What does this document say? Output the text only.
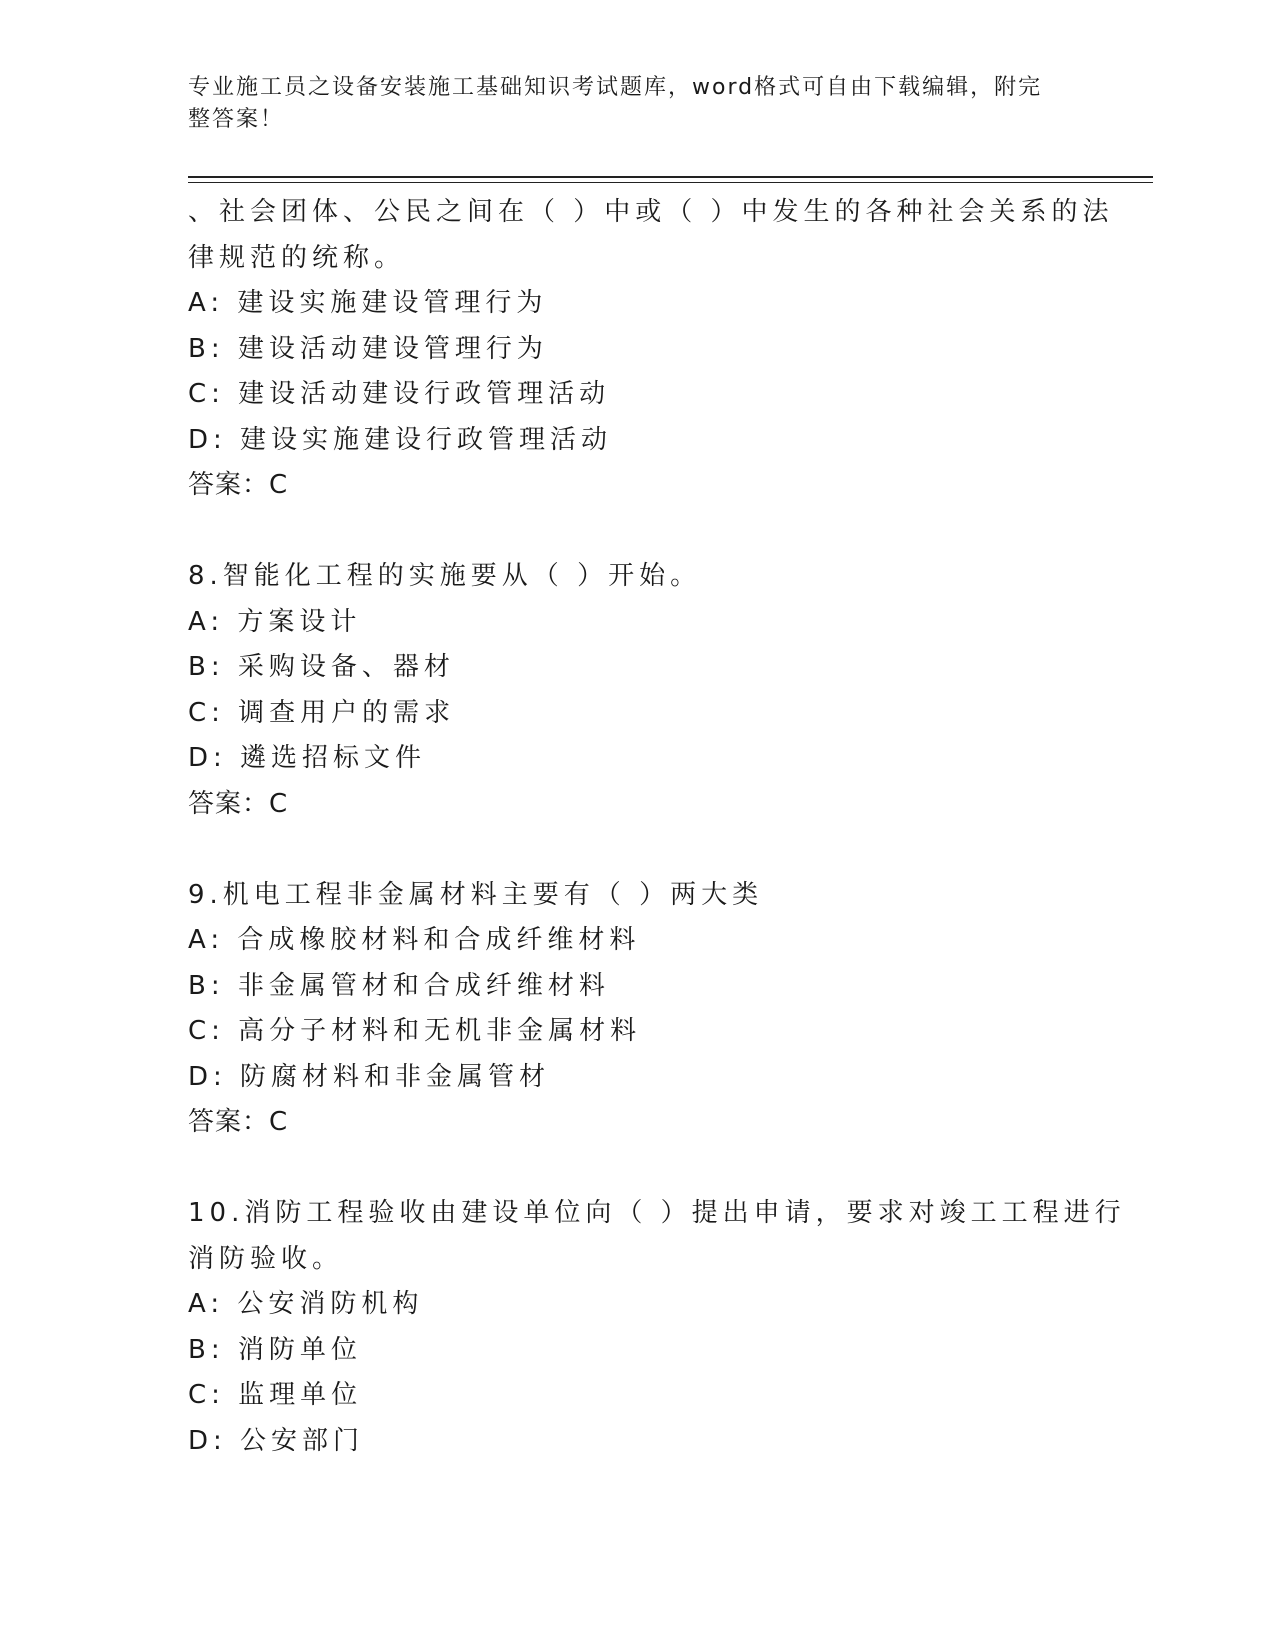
专业施工员之设备安装施工基础知识考试题库，word格式可自由下载编辑，附完
整答案！
、社会团体、公民之间在（ ）中或（ ）中发生的各种社会关系的法
律规范的统称。
A: 建设实施建设管理行为
B: 建设活动建设管理行为
C: 建设活动建设行政管理活动
D: 建设实施建设行政管理活动
答案：C
8.智能化工程的实施要从（ ）开始。
A: 方案设计
B: 采购设备、器材
C: 调查用户的需求
D: 遴选招标文件
答案：C
9.机电工程非金属材料主要有（ ）两大类
A: 合成橡胶材料和合成纤维材料
B: 非金属管材和合成纤维材料
C: 高分子材料和无机非金属材料
D: 防腐材料和非金属管材
答案：C
10.消防工程验收由建设单位向（ ）提出申请，要求对竣工工程进行
消防验收。
A: 公安消防机构
B: 消防单位
C: 监理单位
D: 公安部门
